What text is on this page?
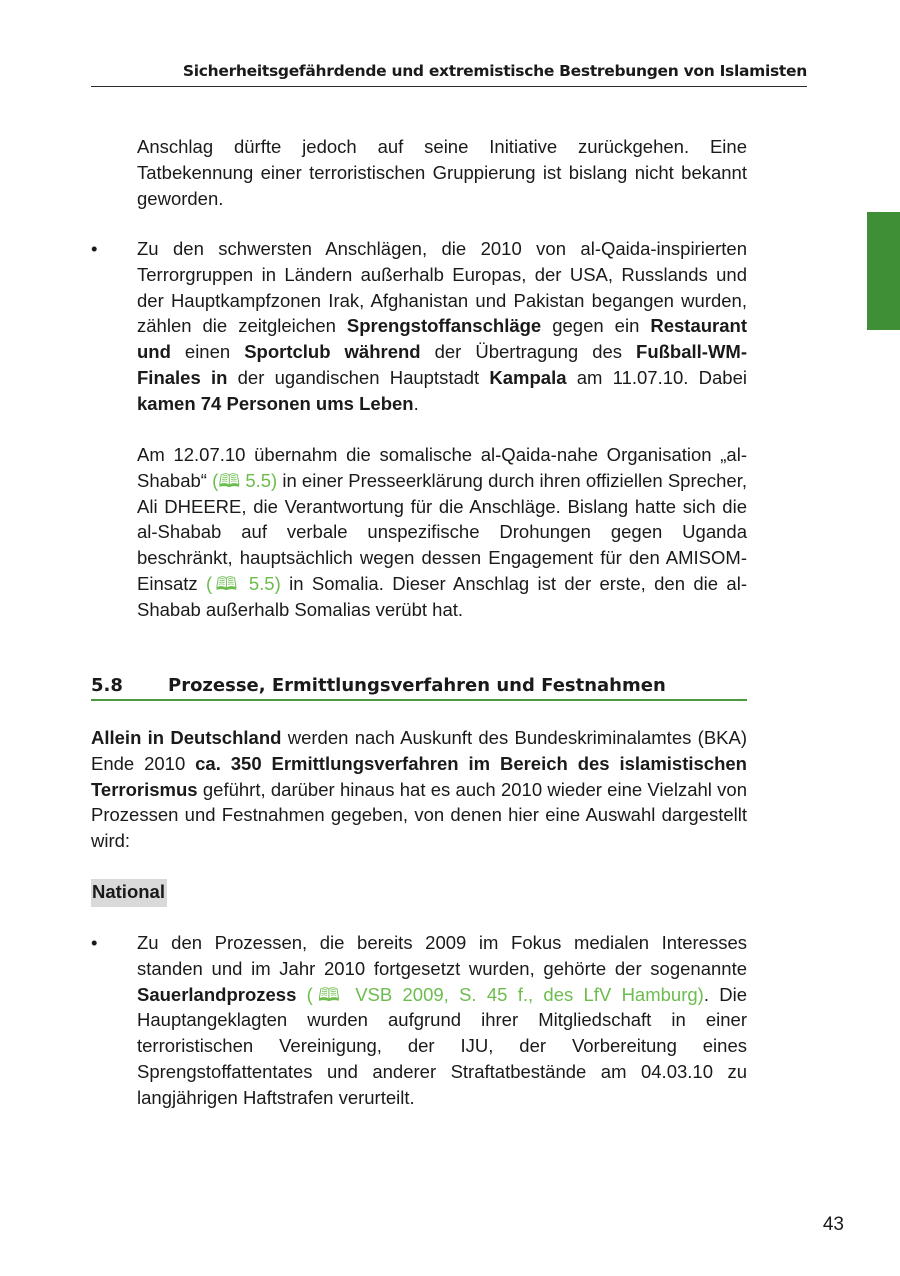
Sicherheitsgefährdende und extremistische Bestrebungen von Islamisten

Anschlag dürfte jedoch auf seine Initiative zurückgehen. Eine Tatbekennung einer terroristischen Gruppierung ist bislang nicht bekannt geworden.

• Zu den schwersten Anschlägen, die 2010 von al-Qaida-inspirierten Terrorgruppen in Ländern außerhalb Europas, der USA, Russlands und der Hauptkampfzonen Irak, Afghanistan und Pakistan begangen wurden, zählen die zeitgleichen Sprengstoffanschläge gegen ein Restaurant und einen Sportclub während der Übertragung des Fußball-WM-Finales in der ugandischen Hauptstadt Kampala am 11.07.10. Dabei kamen 74 Personen ums Leben.

Am 12.07.10 übernahm die somalische al-Qaida-nahe Organisation „al-Shabab“ (🕮 5.5) in einer Presseerklärung durch ihren offiziellen Sprecher, Ali DHEERE, die Verantwortung für die Anschläge. Bislang hatte sich die al-Shabab auf verbale unspezifische Drohungen gegen Uganda beschränkt, hauptsächlich wegen dessen Engagement für den AMISOM-Einsatz (🕮 5.5) in Somalia. Dieser Anschlag ist der erste, den die al-Shabab außerhalb Somalias verübt hat.

5.8	Prozesse, Ermittlungsverfahren und Festnahmen

Allein in Deutschland werden nach Auskunft des Bundeskriminalamtes (BKA) Ende 2010 ca. 350 Ermittlungsverfahren im Bereich des islamistischen Terrorismus geführt, darüber hinaus hat es auch 2010 wieder eine Vielzahl von Prozessen und Festnahmen gegeben, von denen hier eine Auswahl dargestellt wird:

National
• Zu den Prozessen, die bereits 2009 im Fokus medialen Interesses standen und im Jahr 2010 fortgesetzt wurden, gehörte der sogenannte Sauerlandprozess (🕮 VSB 2009, S. 45 f., des LfV Hamburg). Die Hauptangeklagten wurden aufgrund ihrer Mitgliedschaft in einer terroristischen Vereinigung, der IJU, der Vorbereitung eines Sprengstoffattentates und anderer Straftatbestände am 04.03.10 zu langjährigen Haftstrafen verurteilt.

43
